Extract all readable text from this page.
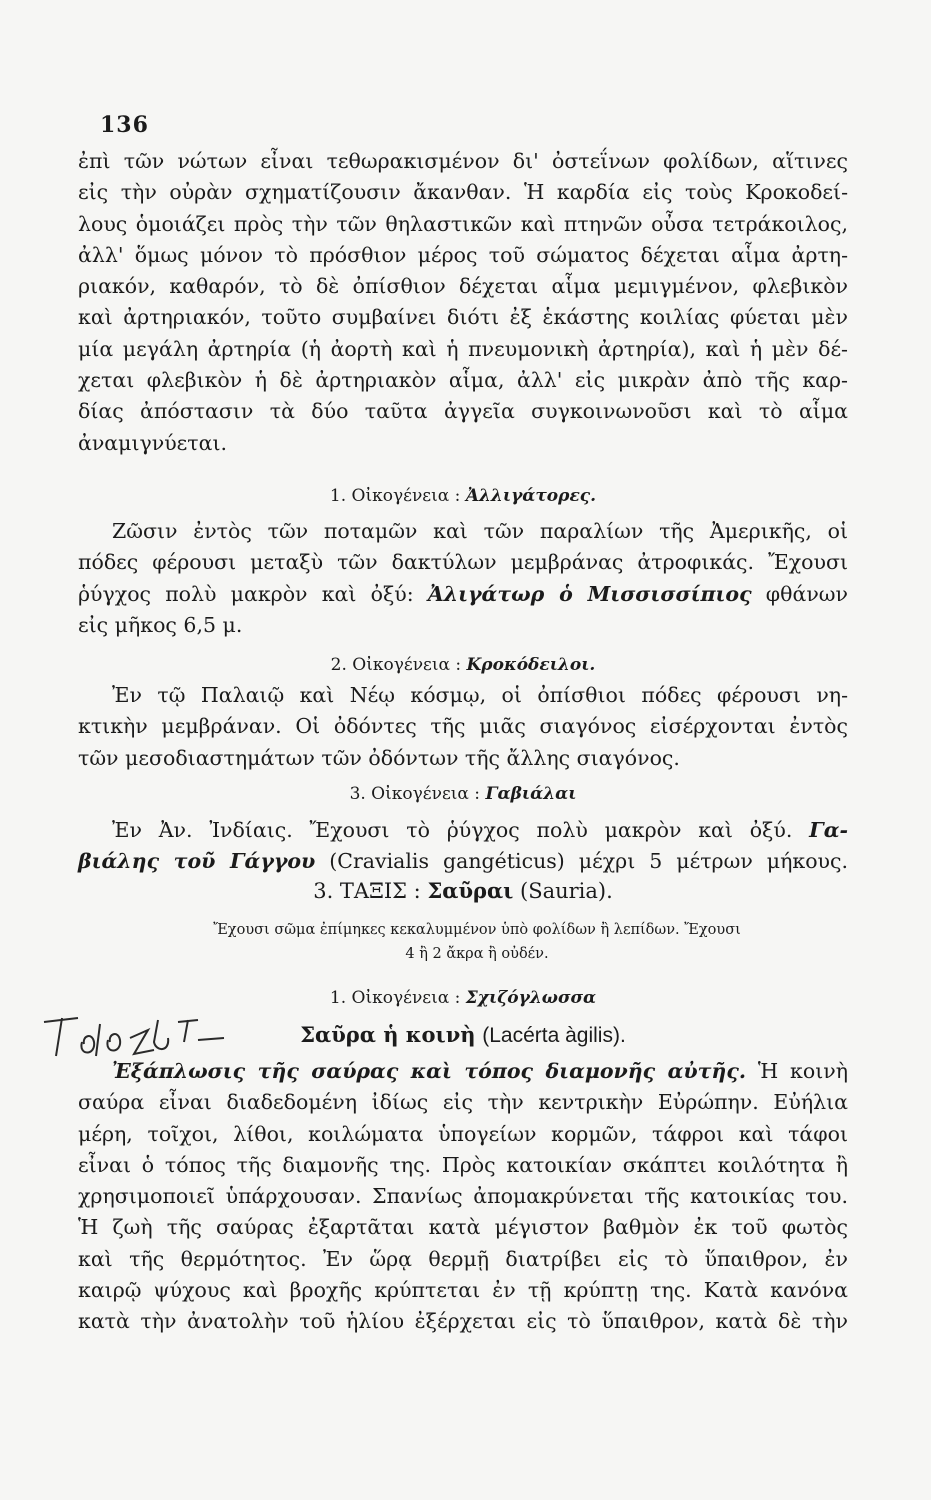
136
ἐπὶ τῶν νώτων εἶναι τεθωρακισμένον δι' ὀστεΐνων φολίδων, αἵτινες
εἰς τὴν οὐρὰν σχηματίζουσιν ἄκανθαν. Ἡ καρδία εἰς τοὺς Κροκοδεί-
λους ὁμοιάζει πρὸς τὴν τῶν θηλαστικῶν καὶ πτηνῶν οὖσα τετράκοιλος,
ἀλλ' ὅμως μόνον τὸ πρόσθιον μέρος τοῦ σώματος δέχεται αἷμα ἀρτη-
ριακόν, καθαρόν, τὸ δὲ ὀπίσθιον δέχεται αἷμα μεμιγμένον, φλεβικὸν
καὶ ἀρτηριακόν, τοῦτο συμβαίνει διότι ἐξ ἑκάστης κοιλίας φύεται μὲν
μία μεγάλη ἀρτηρία (ἡ ἀορτὴ καὶ ἡ πνευμονικὴ ἀρτηρία), καὶ ἡ μὲν δέ-
χεται φλεβικὸν ἡ δὲ ἀρτηριακὸν αἷμα, ἀλλ' εἰς μικρὰν ἀπὸ τῆς καρ-
δίας ἀπόστασιν τὰ δύο ταῦτα ἀγγεῖα συγκοινωνοῦσι καὶ τὸ αἷμα
ἀναμιγνύεται.
1. Οἰκογένεια : Ἀλλιγάτορες.
Ζῶσιν ἐντὸς τῶν ποταμῶν καὶ τῶν παραλίων τῆς Ἀμερικῆς, οἱ
πόδες φέρουσι μεταξὺ τῶν δακτύλων μεμβράνας ἀτροφικάς. Ἔχουσι
ῥύγχος πολὺ μακρὸν καὶ ὀξύ: Ἀλιγάτωρ ὁ Μισσισσίπιος φθάνων
εἰς μῆκος 6,5 μ.
2. Οἰκογένεια : Κροκόδειλοι.
Ἐν τῷ Παλαιῷ καὶ Νέῳ κόσμῳ, οἱ ὀπίσθιοι πόδες φέρουσι νη-
κτικὴν μεμβράναν. Οἱ ὀδόντες τῆς μιᾶς σιαγόνος εἰσέρχονται ἐντὸς
τῶν μεσοδιαστημάτων τῶν ὀδόντων τῆς ἄλλης σιαγόνος.
3. Οἰκογένεια : Γαβιάλαι
Ἐν Ἀν. Ἰνδίαις. Ἔχουσι τὸ ῥύγχος πολὺ μακρὸν καὶ ὀξύ. Γα-
βιάλης τοῦ Γάγγου (Cravialis gangéticus) μέχρι 5 μέτρων μήκους.
3. ΤΑΞΙΣ : Σαῦραι (Sauria).
Ἔχουσι σῶμα ἐπίμηκες κεκαλυμμένον ὑπὸ φολίδων ἢ λεπίδων. Ἔχουσι
4 ἢ 2 ἄκρα ἢ οὐδέν.
1. Οἰκογένεια : Σχιζόγλωσσα
Σαῦρα ἡ κοινὴ (Lacérta àgilis).
Ἐξάπλωσις τῆς σαύρας καὶ τόπος διαμονῆς αὐτῆς. Ἡ κοινὴ
σαύρα εἶναι διαδεδομένη ἰδίως εἰς τὴν κεντρικὴν Εὐρώπην. Εὐήλια
μέρη, τοῖχοι, λίθοι, κοιλώματα ὑπογείων κορμῶν, τάφροι καὶ τάφοι
εἶναι ὁ τόπος τῆς διαμονῆς της. Πρὸς κατοικίαν σκάπτει κοιλότητα ἢ
χρησιμοποιεῖ ὑπάρχουσαν. Σπανίως ἀπομακρύνεται τῆς κατοικίας του.
Ἡ ζωὴ τῆς σαύρας ἐξαρτᾶται κατὰ μέγιστον βαθμὸν ἐκ τοῦ φωτὸς
καὶ τῆς θερμότητος. Ἐν ὥρᾳ θερμῇ διατρίβει εἰς τὸ ὕπαιθρον, ἐν
καιρῷ ψύχους καὶ βροχῆς κρύπτεται ἐν τῇ κρύπτῃ της. Κατὰ κανόνα
κατὰ τὴν ἀνατολὴν τοῦ ἡλίου ἐξέρχεται εἰς τὸ ὕπαιθρον, κατὰ δὲ τὴν
